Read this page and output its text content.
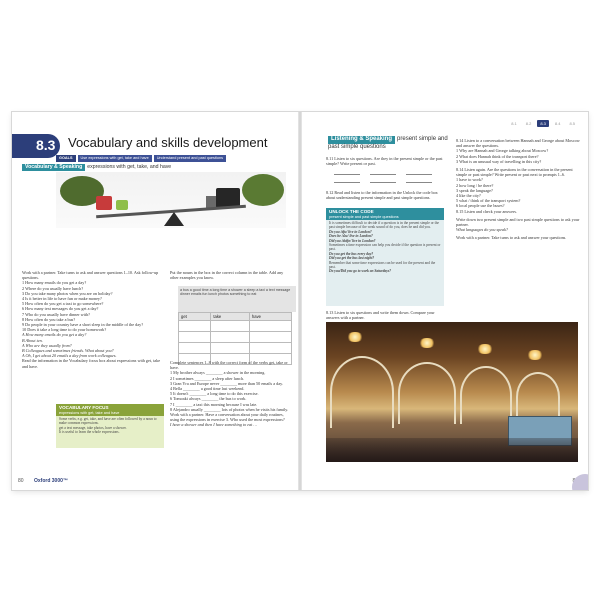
8.3 Vocabulary and skills development
GOALS	Use expressions with get, take and have	Understand present and past questions
Vocabulary & Speaking expressions with get, take, and have
Work with a partner. Take turns to ask and answer questions 1–10. Ask follow-up questions.
1 How many emails do you get a day?
2 Where do you usually have lunch?
3 Do you take many photos when you are on holiday?
4 Is it better in life to have fun or make money?
5 How often do you get a taxi to go somewhere?
6 How many text messages do you get a day?
7 Who do you usually have dinner with?
8 How often do you take a bus?
9 Do people in your country have a short sleep in the middle of the day?
10 Does it take a long time to do your homework?
A How many emails do you get a day?
B About ten.
A Who are they usually from?
B Colleagues and sometimes friends. What about you?
A Oh, I get about 20 emails a day from work colleagues.
Read the information in the Vocabulary focus box about expressions with get, take and have.
VOCABULARY FOCUS
expressions with get, take and have
Some verbs, e.g. get, take, and have are often followed by a noun to make common expressions.
get a text message, take photos, have a shower.
It is useful to learn the whole expressions.
Put the nouns in the box in the correct column in the table. Add any other examples you know.
a bus a good time a long time a shower a sleep a taxi a text message dinner emails fun lunch photos something to eat
get	take	have

Complete sentences 1–8 with the correct form of the verbs get, take or have.
1 My brother always ________ a shower in the morning.
2 I sometimes ________ a sleep after lunch.
3 Gran Yra and Europe never ________ more than 50 emails a day.
4 Bella ________ a good time last weekend.
5 It doesn't ________ a long time to do this exercise.
6 Tomoaki always ________ the bus to work.
7 I ________ a taxi this morning because I was late.
8 Alejandro usually ________ lots of photos when he visits his family.
Work with a partner. Have a conversation about your daily routines, using the expressions in exercise 3. Who used the most expressions?
I have a shower and then I have something to eat …
80 Oxford 3000™
8.1	8.2	8.3	8.4	8.5
Listening & Speaking present simple and past simple questions
8.11 Listen to six questions. Are they in the present simple or the past simple? Write present or past.
8.12 Read and listen to the information in the Unlock the code box about understanding present simple and past simple questions.
UNLOCK THE CODE
present simple and past simple questions
It is sometimes difficult to decide if a question is in the present simple or the past simple because of the weak sound of do you, does he and did you.
Do you /dju/ live in London?
Does he /dʌz/ live in London?
Did you /dɪdjʊ/ live in London?
Sometimes a time expression can help you decide if the question is present or past.
Do you get the bus every day?
Did you get the bus last night?
Remember that some time expressions can be used for the present and the past.
Do you/Did you go to work on Saturdays?
8.13 Listen to six questions and write them down. Compare your answers with a partner.
8.14 Listen to a conversation between Hannah and George about Moscow and answer the questions.
1 Why are Hannah and George talking about Moscow?
2 What does Hannah think of the transport there?
3 What is an unusual way of travelling in this city?
8.14 Listen again. Are the questions in the conversation in the present simple or past simple? Write present or past next to prompts 1–6.
1 have to work?
2 how long / be there?
3 speak the language?
4 like the city?
5 what / think of the transport system?
6 local people use the buses?
8.15 Listen and check your answers.
Write down two present simple and two past simple questions to ask your partner.
What languages do you speak?
Work with a partner. Take turns to ask and answer your questions.
